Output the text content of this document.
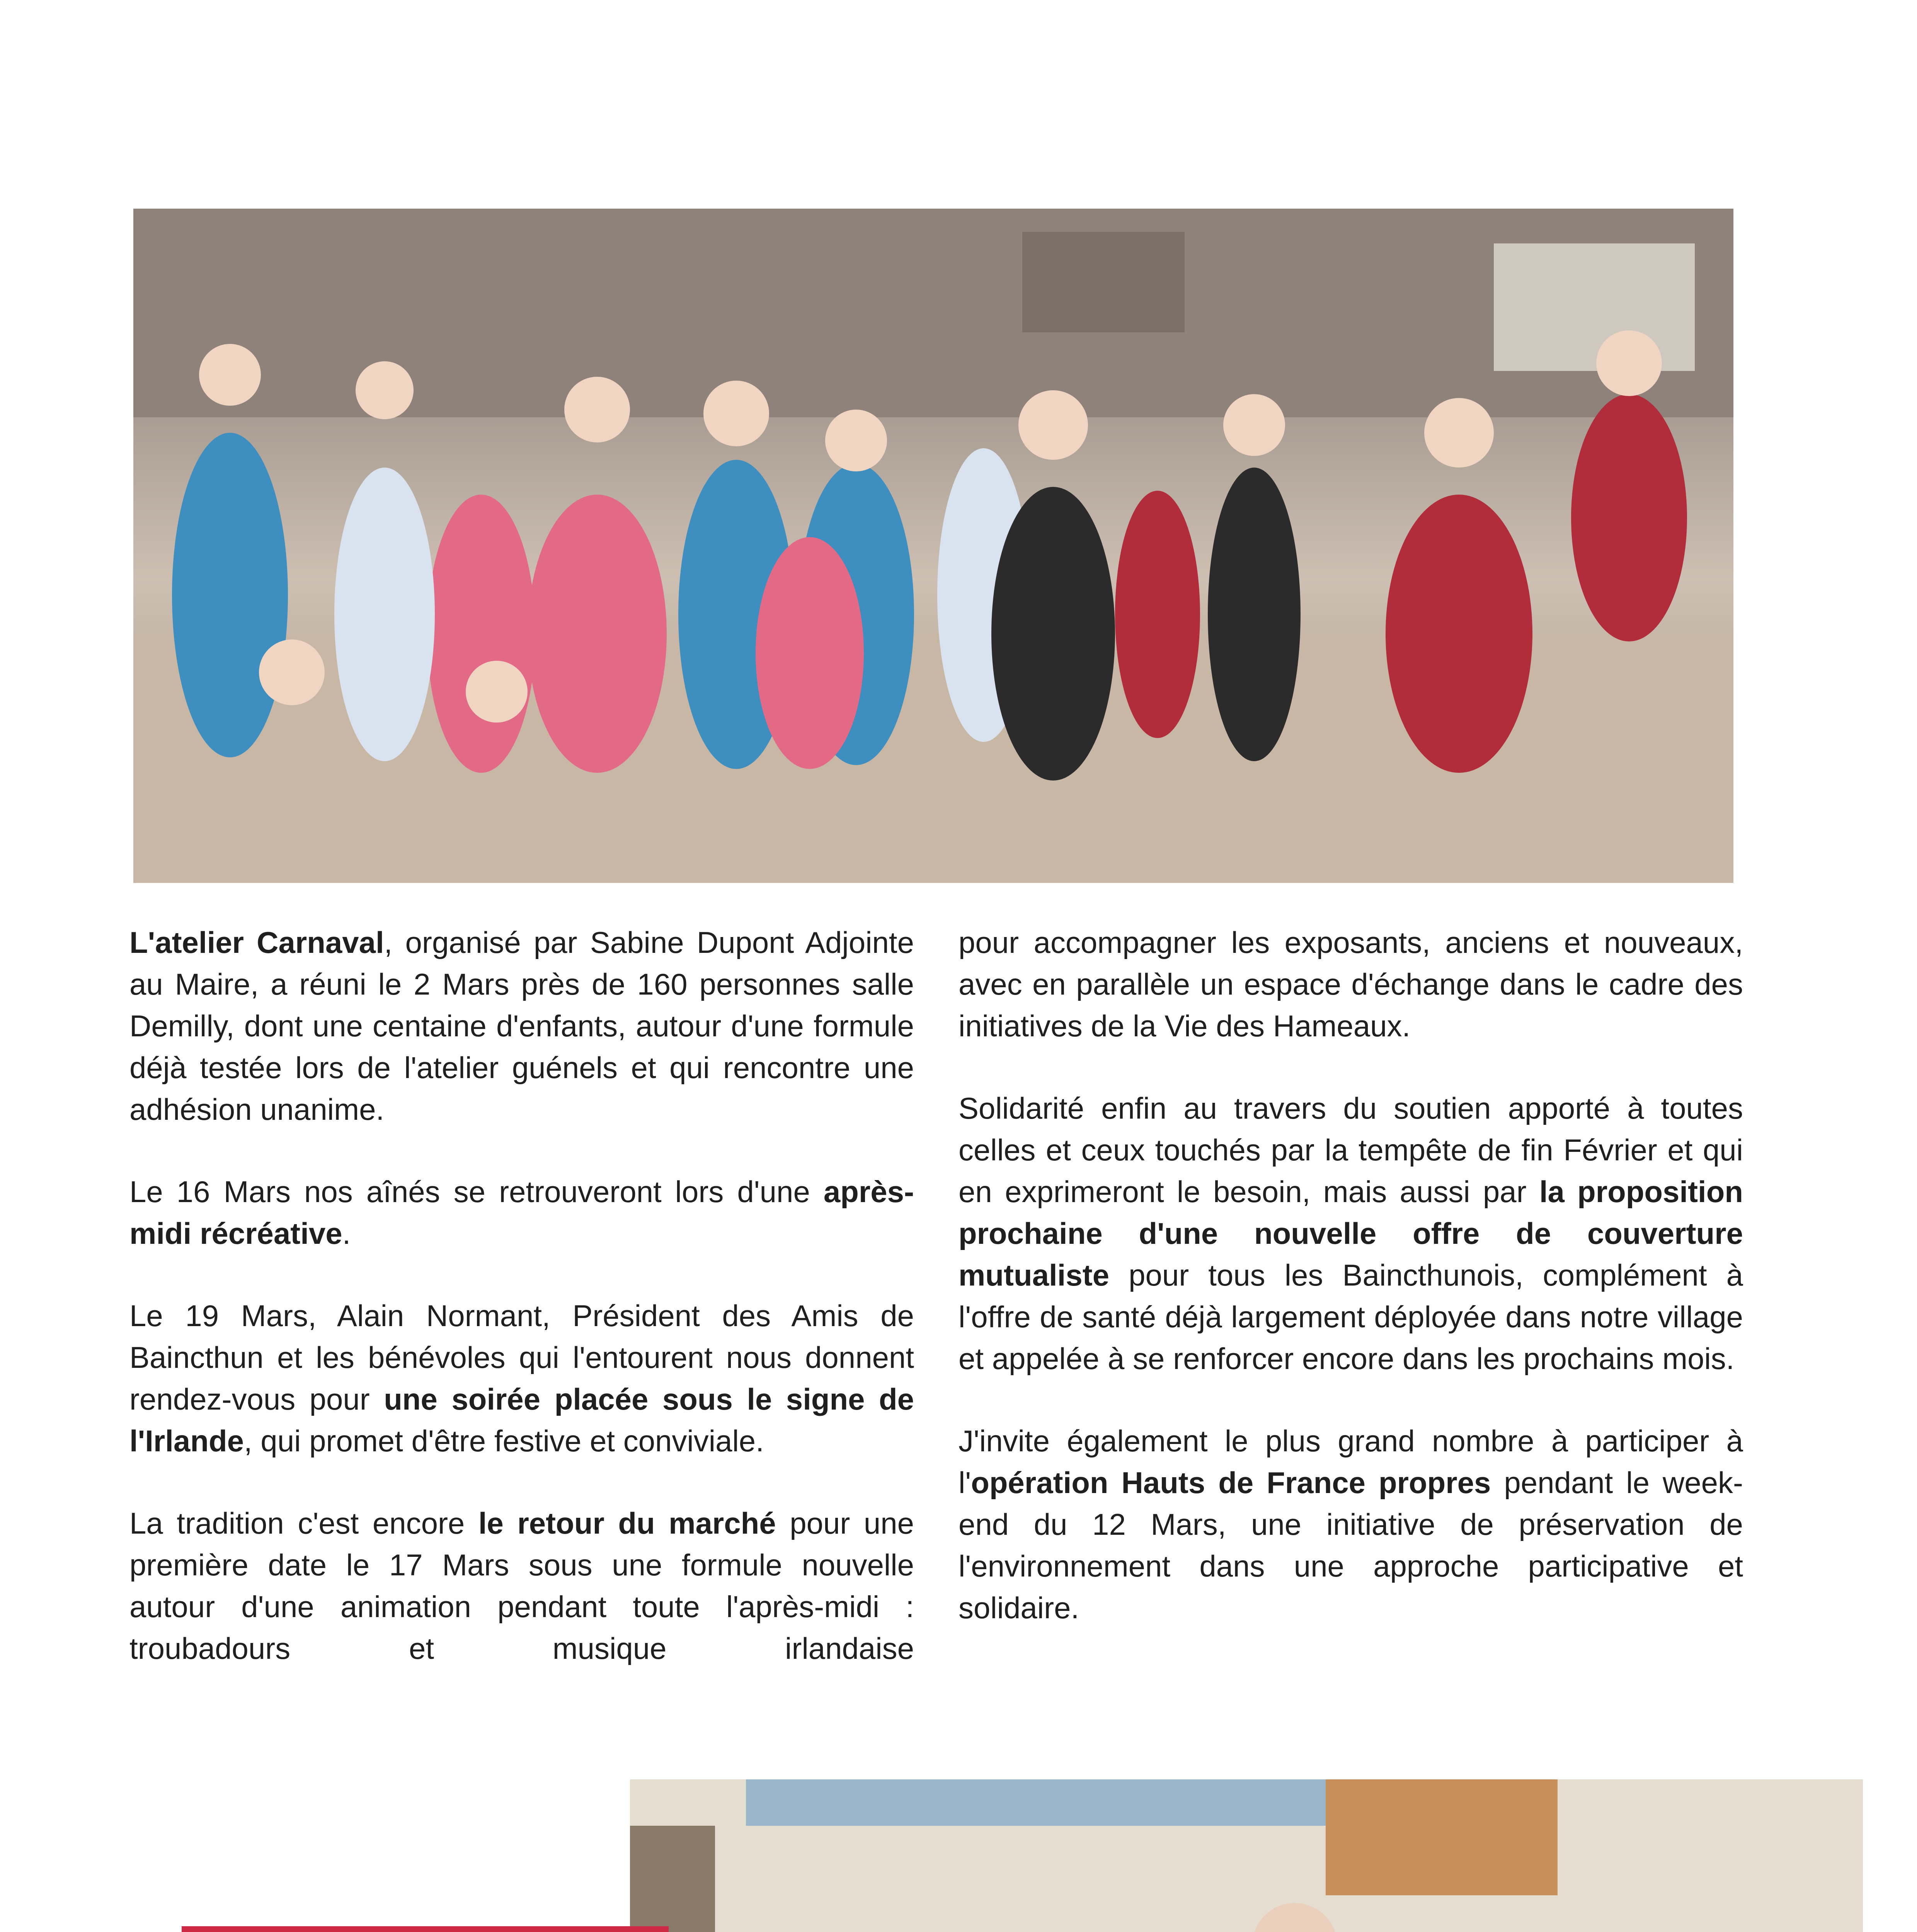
L'atelier Carnaval, organisé par Sabine Dupont Adjointe au Maire, a réuni le 2 Mars près de 160 personnes salle Demilly, dont une centaine d'enfants, autour d'une formule déjà testée lors de l'atelier guénels et qui rencontre une adhésion unanime.

Le 16 Mars nos aînés se retrouveront lors d'une après-midi récréative.

Le 19 Mars, Alain Normant, Président des Amis de Baincthun et les bénévoles qui l'entourent nous donnent rendez-vous pour une soirée placée sous le signe de l'Irlande, qui promet d'être festive et conviviale.

La tradition c'est encore le retour du marché pour une première date le 17 Mars sous une formule nouvelle autour d'une animation pendant toute l'après-midi : troubadours et musique irlandaise

pour accompagner les exposants, anciens et nouveaux, avec en parallèle un espace d'échange dans le cadre des initiatives de la Vie des Hameaux.

Solidarité enfin au travers du soutien apporté à toutes celles et ceux touchés par la tempête de fin Février et qui en exprimeront le besoin, mais aussi par la proposition prochaine d'une nouvelle offre de couverture mutualiste pour tous les Baincthunois, complément à l'offre de santé déjà largement déployée dans notre village et appelée à se renforcer encore dans les prochains mois.

J'invite également le plus grand nombre à participer à l'opération Hauts de France propres pendant le week-end du 12 Mars, une initiative de préservation de l'environnement dans une approche participative et solidaire.
